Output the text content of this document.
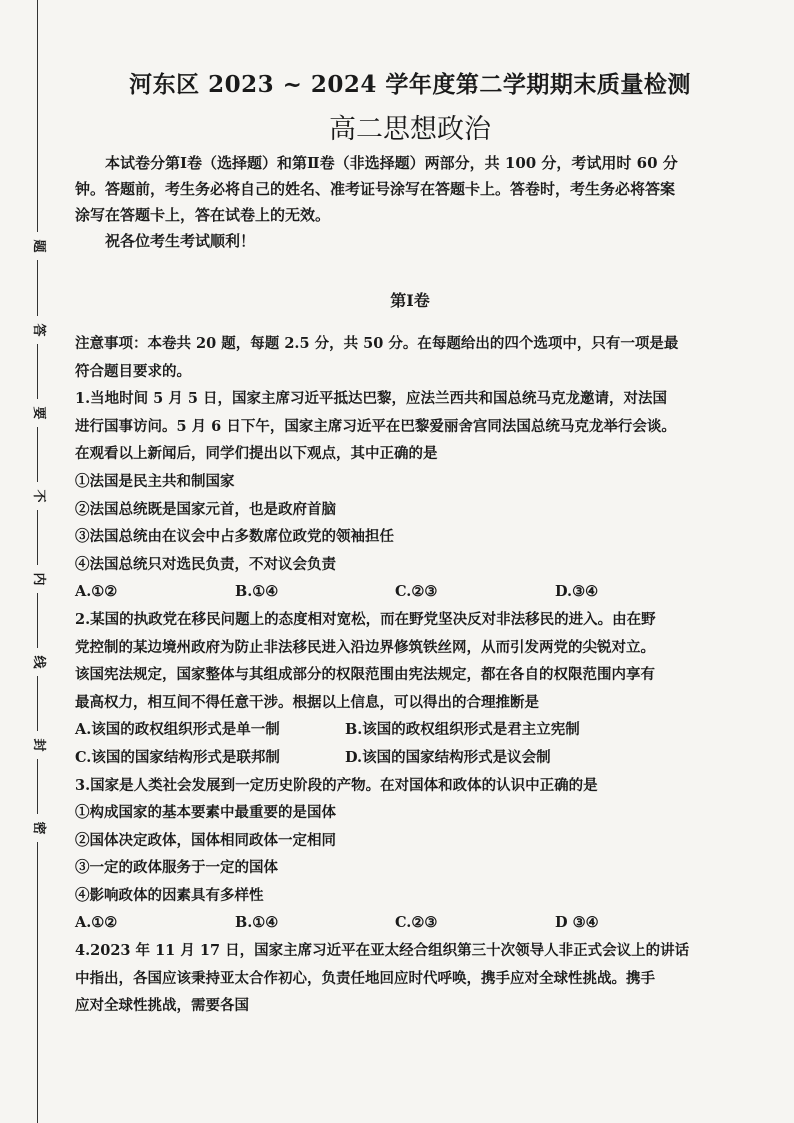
题
答
要
不
内
线
封
密
河东区 2023 ~ 2024 学年度第二学期期末质量检测
高二思想政治

本试卷分第Ⅰ卷（选择题）和第Ⅱ卷（非选择题）两部分，共 100 分，考试用时 60 分

钟。答题前，考生务必将自己的姓名、准考证号涂写在答题卡上。答卷时，考生务必将答案

涂写在答题卡上，答在试卷上的无效。

祝各位考生考试顺利！

第Ⅰ卷

注意事项：本卷共 20 题，每题 2.5 分，共 50 分。在每题给出的四个选项中，只有一项是最

符合题目要求的。

1.当地时间 5 月 5 日，国家主席习近平抵达巴黎，应法兰西共和国总统马克龙邀请，对法国

进行国事访问。5 月 6 日下午，国家主席习近平在巴黎爱丽舍宫同法国总统马克龙举行会谈。

在观看以上新闻后，同学们提出以下观点，其中正确的是

①法国是民主共和制国家

②法国总统既是国家元首，也是政府首脑

③法国总统由在议会中占多数席位政党的领袖担任

④法国总统只对选民负责，不对议会负责

A.①②	B.①④	C.②③	D.③④

2.某国的执政党在移民问题上的态度相对宽松，而在野党坚决反对非法移民的进入。由在野

党控制的某边境州政府为防止非法移民进入沿边界修筑铁丝网，从而引发两党的尖锐对立。

该国宪法规定，国家整体与其组成部分的权限范围由宪法规定，都在各自的权限范围内享有

最高权力，相互间不得任意干涉。根据以上信息，可以得出的合理推断是

A.该国的政权组织形式是单一制	B.该国的政权组织形式是君主立宪制
C.该国的国家结构形式是联邦制	D.该国的国家结构形式是议会制

3.国家是人类社会发展到一定历史阶段的产物。在对国体和政体的认识中正确的是

①构成国家的基本要素中最重要的是国体

②国体决定政体，国体相同政体一定相同

③一定的政体服务于一定的国体

④影响政体的因素具有多样性

A.①②	B.①④	C.②③	D ③④

4.2023 年 11 月 17 日，国家主席习近平在亚太经合组织第三十次领导人非正式会议上的讲话

中指出，各国应该秉持亚太合作初心，负责任地回应时代呼唤，携手应对全球性挑战。携手

应对全球性挑战，需要各国
